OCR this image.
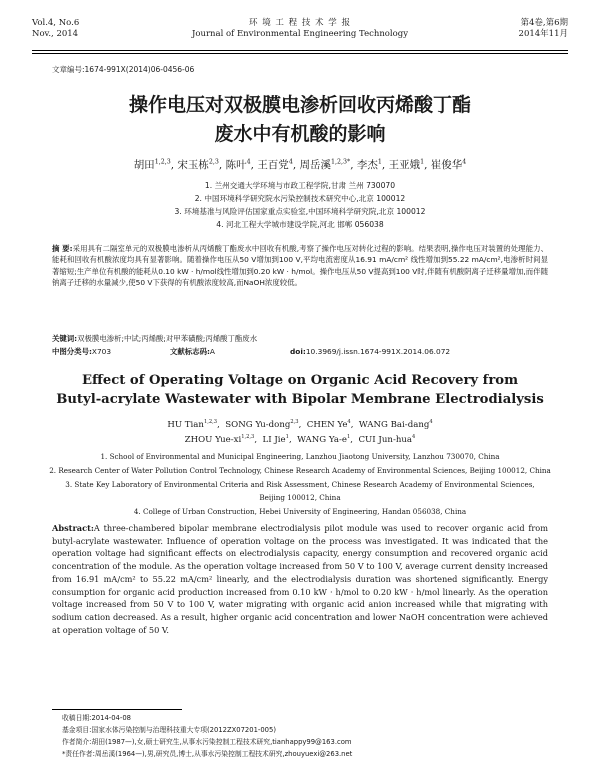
Vol.4, No.6
Nov., 2014
环 境 工 程 技 术 学 报
Journal of Environmental Engineering Technology
第4卷,第6期
2014年11月
文章编号:1674-991X(2014)06-0456-06
操作电压对双极膜电渗析回收丙烯酸丁酯
废水中有机酸的影响
胡田$^{1,2,3}$, 宋玉栋$^{2,3}$, 陈叶$^4$, 王百党$^4$, 周岳溪$^{1,2,3*}$, 李杰$^1$, 王亚娥$^1$, 崔俊华$^4$
1. 兰州交通大学环境与市政工程学院,甘肃 兰州 730070
2. 中国环境科学研究院水污染控制技术研究中心,北京 100012
3. 环境基准与风险评估国家重点实验室,中国环境科学研究院,北京 100012
4. 河北工程大学城市建设学院,河北 邯郸 056038
摘 要:采用具有二隔室单元的双极膜电渗析从丙烯酸丁酯废水中回收有机酸,考察了操作电压对转化过程的影响。结果表明,操作电压对装置的处理能力、能耗和回收有机酸浓度均具有显著影响。随着操作电压从50 V增加到100 V,平均电流密度从16.91 mA/cm² 线性增加到55.22 mA/cm²,电渗析时间显著缩短;生产单位有机酸的能耗从0.10 kW · h/mol线性增加到0.20 kW · h/mol。操作电压从50 V提高到100 V时,伴随有机酸阴离子迁移量增加,而伴随钠离子迁移的水量减少,使50 V下获得的有机酸浓度较高,而NaOH浓度较低。
关键词:双极膜电渗析;中试;丙烯酸;对甲苯磺酸;丙烯酸丁酯废水
中图分类号:X703	文献标志码:A	doi:10.3969/j.issn.1674-991X.2014.06.072
Effect of Operating Voltage on Organic Acid Recovery from
Butyl-acrylate Wastewater with Bipolar Membrane Electrodialysis
HU Tian$^{1,2,3}$,  SONG Yu-dong$^{2,3}$,  CHEN Ye$^4$,  WANG Bai-dang$^4$
ZHOU Yue-xi$^{1,2,3}$,  LI Jie$^1$,  WANG $Ya-e^1$,  CUI Jun-hua$^4$
1. School of Environmental and Municipal Engineering, Lanzhou Jiaotong University, Lanzhou 730070, China
2. Research Center of Water Pollution Control Technology, Chinese Research Academy of Environmental Sciences, Beijing 100012, China
3. State Key Laboratory of Environmental Criteria and Risk Assessment, Chinese Research Academy of Environmental Sciences,
Beijing 100012, China
4. College of Urban Construction, Hebei University of Engineering, Handan 056038, China
Abstract:A three-chambered bipolar membrane electrodialysis pilot module was used to recover organic acid from butyl-acrylate wastewater. Influence of operation voltage on the process was investigated. It was indicated that the operation voltage had significant effects on electrodialysis capacity, energy consumption and recovered organic acid concentration of the module. As the operation voltage increased from 50 V to 100 V, average current density increased from 16.91 mA/cm² to 55.22 mA/cm² linearly, and the electrodialysis duration was shortened significantly. Energy consumption for organic acid production increased from 0.10 kW · h/mol to 0.20 kW · h/mol linearly. As the operation voltage increased from 50 V to 100 V, water migrating with organic acid anion increased while that migrating with sodium cation decreased. As a result, higher organic acid concentration and lower NaOH concentration were achieved at operation voltage of 50 V.
收稿日期:2014-04-08
基金项目:国家水体污染控制与治理科技重大专项(2012ZX07201-005)
作者简介:胡田(1987—),女,硕士研究生,从事水污染控制工程技术研究,tianhappy99@163.com
*责任作者:周岳溪(1964—),男,研究员,博士,从事水污染控制工程技术研究,zhouyuexi@263.net
